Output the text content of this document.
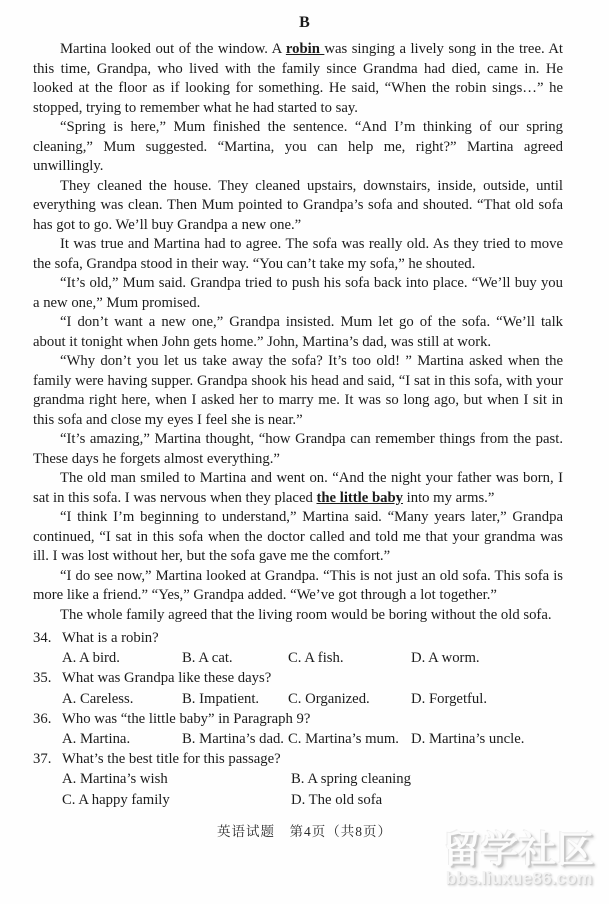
B

Martina looked out of the window. A robin was singing a lively song in the tree. At this time, Grandpa, who lived with the family since Grandma had died, came in. He looked at the floor as if looking for something. He said, “When the robin sings…” he stopped, trying to remember what he had started to say.

“Spring is here,” Mum finished the sentence. “And I’m thinking of our spring cleaning,” Mum suggested. “Martina, you can help me, right?” Martina agreed unwillingly.

They cleaned the house. They cleaned upstairs, downstairs, inside, outside, until everything was clean. Then Mum pointed to Grandpa’s sofa and shouted. “That old sofa has got to go. We’ll buy Grandpa a new one.”

It was true and Martina had to agree. The sofa was really old. As they tried to move the sofa, Grandpa stood in their way. “You can’t take my sofa,” he shouted.

“It’s old,” Mum said. Grandpa tried to push his sofa back into place. “We’ll buy you a new one,” Mum promised.

“I don’t want a new one,” Grandpa insisted. Mum let go of the sofa. “We’ll talk about it tonight when John gets home.” John, Martina’s dad, was still at work.

“Why don’t you let us take away the sofa? It’s too old! ” Martina asked when the family were having supper. Grandpa shook his head and said, “I sat in this sofa, with your grandma right here, when I asked her to marry me. It was so long ago, but when I sit in this sofa and close my eyes I feel she is near.”

“It’s amazing,” Martina thought, “how Grandpa can remember things from the past. These days he forgets almost everything.”

The old man smiled to Martina and went on. “And the night your father was born, I sat in this sofa. I was nervous when they placed the little baby into my arms.”

“I think I’m beginning to understand,” Martina said. “Many years later,” Grandpa continued, “I sat in this sofa when the doctor called and told me that your grandma was ill. I was lost without her, but the sofa gave me the comfort.”

“I do see now,” Martina looked at Grandpa. “This is not just an old sofa. This sofa is more like a friend.” “Yes,” Grandpa added. “We’ve got through a lot together.”

The whole family agreed that the living room would be boring without the old sofa.

34. What is a robin?
A. A bird.	B. A cat.	C. A fish.	D. A worm.
35. What was Grandpa like these days?
A. Careless.	B. Impatient.	C. Organized.	D. Forgetful.
36. Who was “the little baby” in Paragraph 9?
A. Martina.	B. Martina’s dad. C. Martina’s mum. D. Martina’s uncle.
37. What’s the best title for this passage?
A. Martina’s wish	B. A spring cleaning
C. A happy family	D. The old sofa
英语试题　第4页（共8页）	留学社区
bbs.liuxue86.com
